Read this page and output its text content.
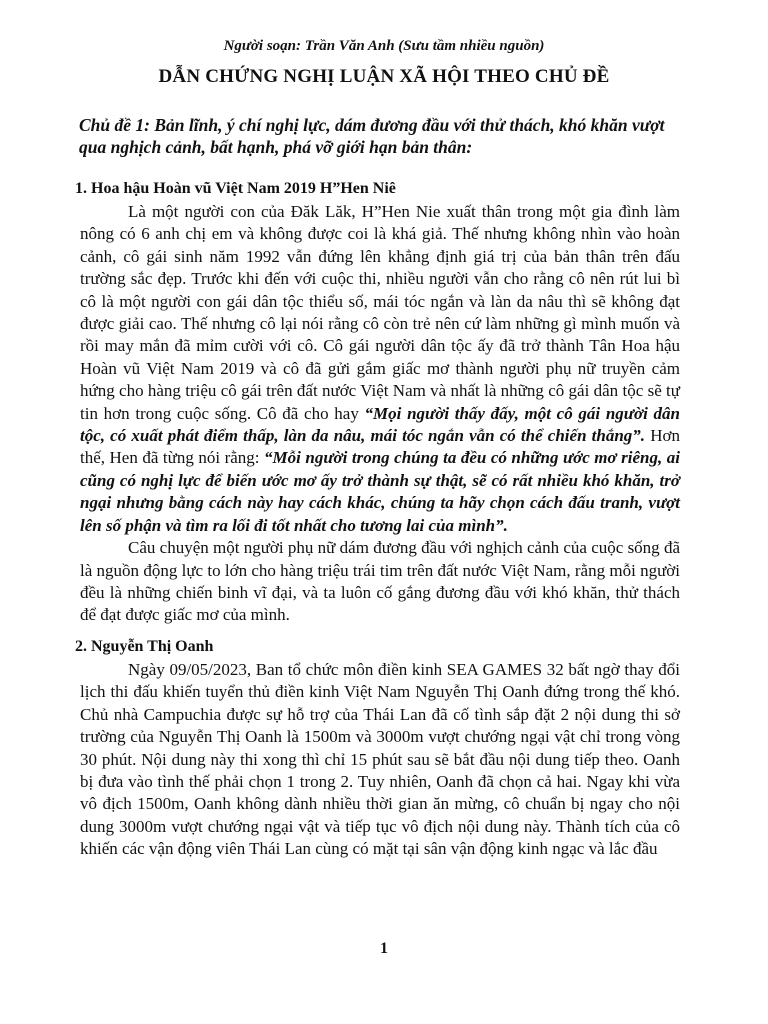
Người soạn: Trần Văn Anh (Sưu tầm nhiều nguồn)
DẪN CHỨNG NGHỊ LUẬN XÃ HỘI THEO CHỦ ĐỀ
Chủ đề 1: Bản lĩnh, ý chí nghị lực, dám đương đầu với thử thách, khó khăn vượt qua nghịch cảnh, bất hạnh, phá vỡ giới hạn bản thân:
1. Hoa hậu Hoàn vũ Việt Nam 2019 H”Hen Niê

Là một người con của Đăk Lăk, H”Hen Nie xuất thân trong một gia đình làm nông có 6 anh chị em và không được coi là khá giả. Thế nhưng không nhìn vào hoàn cảnh, cô gái sinh năm 1992 vẫn đứng lên khẳng định giá trị của bản thân trên đấu trường sắc đẹp. Trước khi đến với cuộc thi, nhiều người vẫn cho rằng cô nên rút lui bì cô là một người con gái dân tộc thiểu số, mái tóc ngắn và làn da nâu thì sẽ không đạt được giải cao. Thế nhưng cô lại nói rằng cô còn trẻ nên cứ làm những gì mình muốn và rồi may mắn đã mỉm cười với cô. Cô gái người dân tộc ấy đã trở thành Tân Hoa hậu Hoàn vũ Việt Nam 2019 và cô đã gửi gắm giấc mơ thành người phụ nữ truyền cảm hứng cho hàng triệu cô gái trên đất nước Việt Nam và nhất là những cô gái dân tộc sẽ tự tin hơn trong cuộc sống. Cô đã cho hay “Mọi người thấy đấy, một cô gái người dân tộc, có xuất phát điểm thấp, làn da nâu, mái tóc ngắn vẫn có thể chiến thắng”. Hơn thế, Hen đã từng nói rằng: “Mỗi người trong chúng ta đều có những ước mơ riêng, ai cũng có nghị lực để biến ước mơ ấy trở thành sự thật, sẽ có rất nhiều khó khăn, trở ngại nhưng bằng cách này hay cách khác, chúng ta hãy chọn cách đấu tranh, vượt lên số phận và tìm ra lối đi tốt nhất cho tương lai của mình”.

Câu chuyện một người phụ nữ dám đương đầu với nghịch cảnh của cuộc sống đã là nguồn động lực to lớn cho hàng triệu trái tim trên đất nước Việt Nam, rằng mỗi người đều là những chiến binh vĩ đại, và ta luôn cố gắng đương đầu với khó khăn, thử thách để đạt được giấc mơ của mình.

2. Nguyễn Thị Oanh

Ngày 09/05/2023, Ban tổ chức môn điền kinh SEA GAMES 32 bất ngờ thay đổi lịch thi đấu khiến tuyển thủ điền kinh Việt Nam Nguyễn Thị Oanh đứng trong thế khó. Chủ nhà Campuchia được sự hỗ trợ của Thái Lan đã cố tình sắp đặt 2 nội dung thi sở trường của Nguyễn Thị Oanh là 1500m và 3000m vượt chướng ngại vật chỉ trong vòng 30 phút. Nội dung này thi xong thì chỉ 15 phút sau sẽ bắt đầu nội dung tiếp theo. Oanh bị đưa vào tình thế phải chọn 1 trong 2. Tuy nhiên, Oanh đã chọn cả hai. Ngay khi vừa vô địch 1500m, Oanh không dành nhiều thời gian ăn mừng, cô chuẩn bị ngay cho nội dung 3000m vượt chướng ngại vật và tiếp tục vô địch nội dung này. Thành tích của cô khiến các vận động viên Thái Lan cùng có mặt tại sân vận động kinh ngạc và lắc đầu

1
